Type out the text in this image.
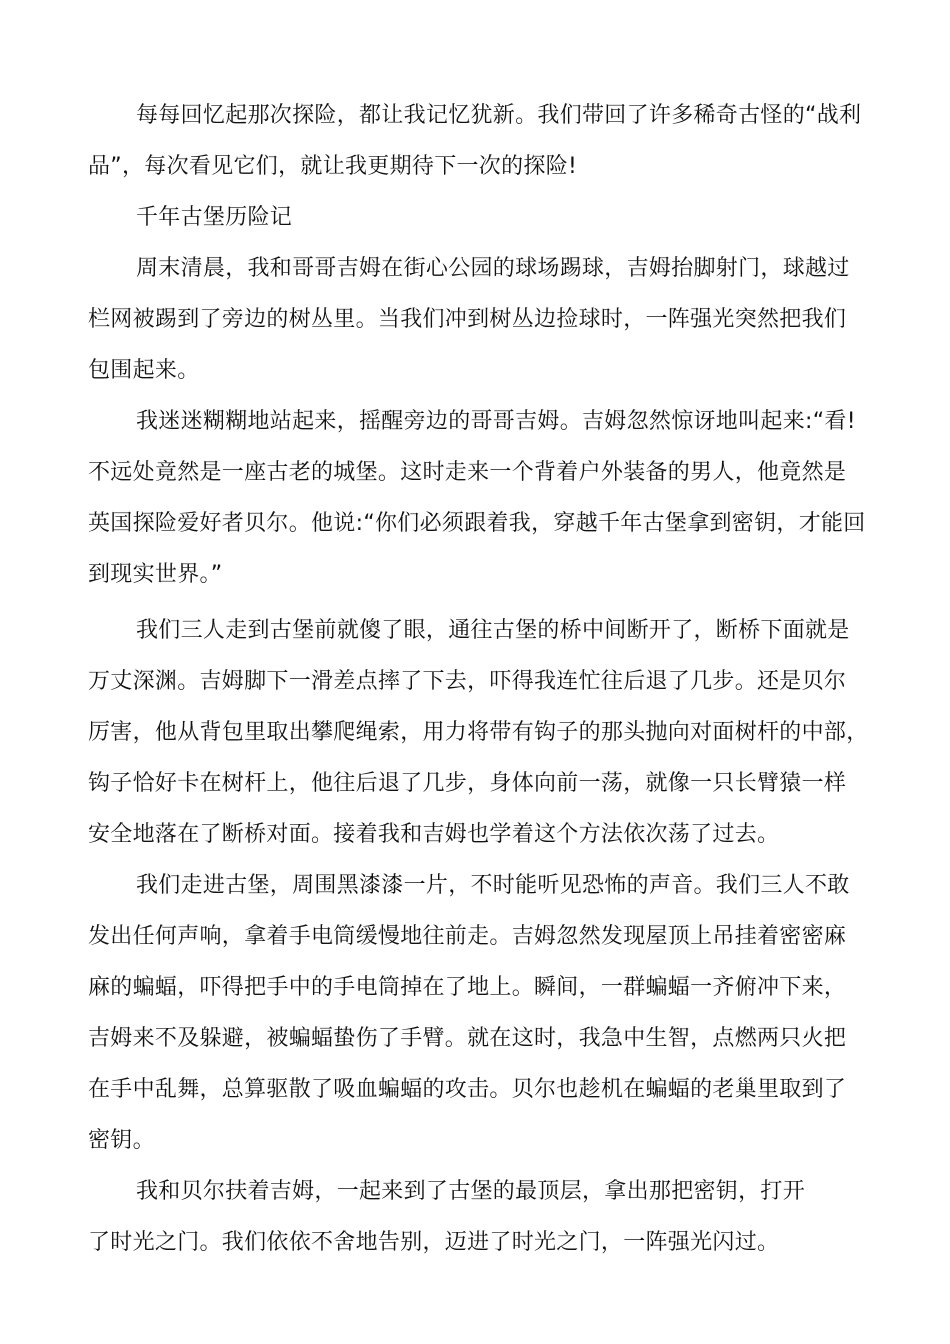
每每回忆起那次探险，都让我记忆犹新。我们带回了许多稀奇古怪的“战利
品”，每次看见它们，就让我更期待下一次的探险!
千年古堡历险记
周末清晨，我和哥哥吉姆在街心公园的球场踢球，吉姆抬脚射门，球越过
栏网被踢到了旁边的树丛里。当我们冲到树丛边捡球时，一阵强光突然把我们
包围起来。
我迷迷糊糊地站起来，摇醒旁边的哥哥吉姆。吉姆忽然惊讶地叫起来:“看!
不远处竟然是一座古老的城堡。这时走来一个背着户外装备的男人，他竟然是
英国探险爱好者贝尔。他说:“你们必须跟着我，穿越千年古堡拿到密钥，才能回
到现实世界。”
我们三人走到古堡前就傻了眼，通往古堡的桥中间断开了，断桥下面就是
万丈深渊。吉姆脚下一滑差点摔了下去，吓得我连忙往后退了几步。还是贝尔
厉害，他从背包里取出攀爬绳索，用力将带有钩子的那头抛向对面树杆的中部，
钩子恰好卡在树杆上，他往后退了几步，身体向前一荡，就像一只长臂猿一样
安全地落在了断桥对面。接着我和吉姆也学着这个方法依次荡了过去。
我们走进古堡，周围黑漆漆一片，不时能听见恐怖的声音。我们三人不敢
发出任何声响，拿着手电筒缓慢地往前走。吉姆忽然发现屋顶上吊挂着密密麻
麻的蝙蝠，吓得把手中的手电筒掉在了地上。瞬间，一群蝙蝠一齐俯冲下来，
吉姆来不及躲避，被蝙蝠蛰伤了手臂。就在这时，我急中生智，点燃两只火把
在手中乱舞，总算驱散了吸血蝙蝠的攻击。贝尔也趁机在蝙蝠的老巢里取到了
密钥。
我和贝尔扶着吉姆，一起来到了古堡的最顶层，拿出那把密钥，打开
了时光之门。我们依依不舍地告别，迈进了时光之门，一阵强光闪过。
